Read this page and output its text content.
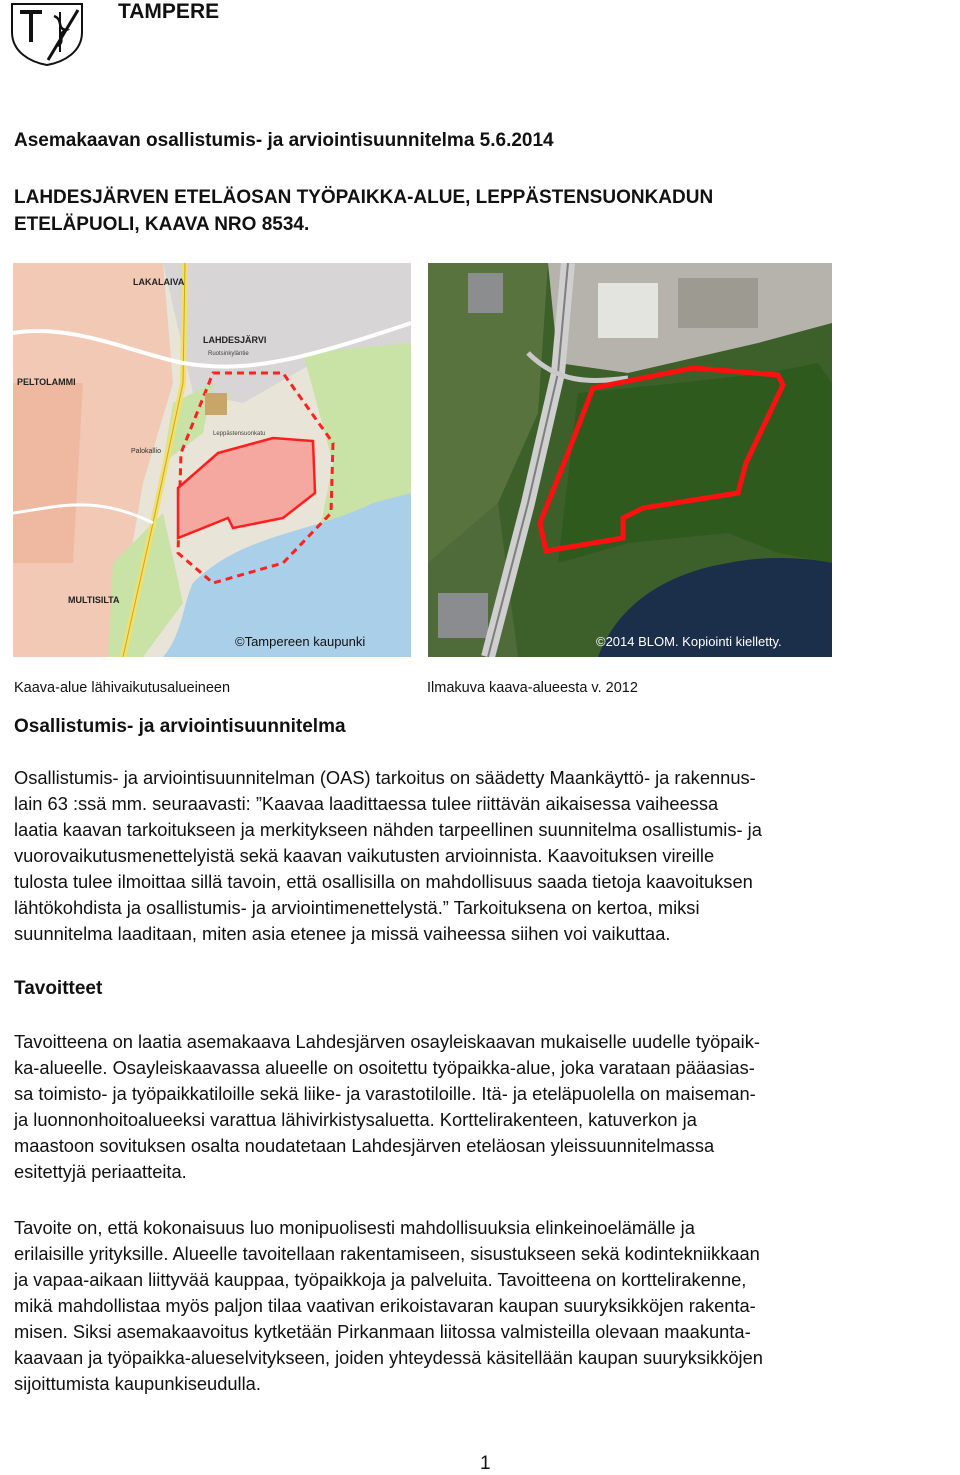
TAMPERE
Asemakaavan osallistumis- ja arviointisuunnitelma 5.6.2014
LAHDESJÄRVEN ETELÄOSAN TYÖPAIKKA-ALUE, LEPPÄSTENSUONKADUN
ETELÄPUOLI, KAAVA NRO 8534.
LAKALAIVA
LAHDESJÄRVI
Ruotsinkyläntie
PELTOLAMMI
Palokallio
Leppästensuonkatu
MULTISILTA
©Tampereen kaupunki	©2014 BLOM. Kopiointi kielletty.
Kaava-alue lähivaikutusalueineen	Ilmakuva kaava-alueesta v. 2012
Osallistumis- ja arviointisuunnitelma

Osallistumis- ja arviointisuunnitelman (OAS) tarkoitus on säädetty Maankäyttö- ja rakennus-
lain 63 :ssä mm. seuraavasti: ”Kaavaa laadittaessa tulee riittävän aikaisessa vaiheessa
laatia kaavan tarkoitukseen ja merkitykseen nähden tarpeellinen suunnitelma osallistumis- ja
vuorovaikutusmenettelyistä sekä kaavan vaikutusten arvioinnista. Kaavoituksen vireille
tulosta tulee ilmoittaa sillä tavoin, että osallisilla on mahdollisuus saada tietoja kaavoituksen
lähtökohdista ja osallistumis- ja arviointimenettelystä.” Tarkoituksena on kertoa, miksi
suunnitelma laaditaan, miten asia etenee ja missä vaiheessa siihen voi vaikuttaa.

Tavoitteet

Tavoitteena on laatia asemakaava Lahdesjärven osayleiskaavan mukaiselle uudelle työpaik-
ka-alueelle. Osayleiskaavassa alueelle on osoitettu työpaikka-alue, joka varataan pääasias-
sa toimisto- ja työpaikkatiloille sekä liike- ja varastotiloille. Itä- ja eteläpuolella on maiseman-
ja luonnonhoitoalueeksi varattua lähivirkistysaluetta. Korttelirakenteen, katuverkon ja
maastoon sovituksen osalta noudatetaan Lahdesjärven eteläosan yleissuunnitelmassa
esitettyjä periaatteita.

Tavoite on, että kokonaisuus luo monipuolisesti mahdollisuuksia elinkeinoelämälle ja
erilaisille yrityksille. Alueelle tavoitellaan rakentamiseen, sisustukseen sekä kodintekniikkaan
ja vapaa-aikaan liittyvää kauppaa, työpaikkoja ja palveluita. Tavoitteena on korttelirakenne,
mikä mahdollistaa myös paljon tilaa vaativan erikoistavaran kaupan suuryksikköjen rakenta-
misen. Siksi asemakaavoitus kytketään Pirkanmaan liitossa valmisteilla olevaan maakunta-
kaavaan ja työpaikka-alueselvitykseen, joiden yhteydessä käsitellään kaupan suuryksikköjen
sijoittumista kaupunkiseudulla.

1
